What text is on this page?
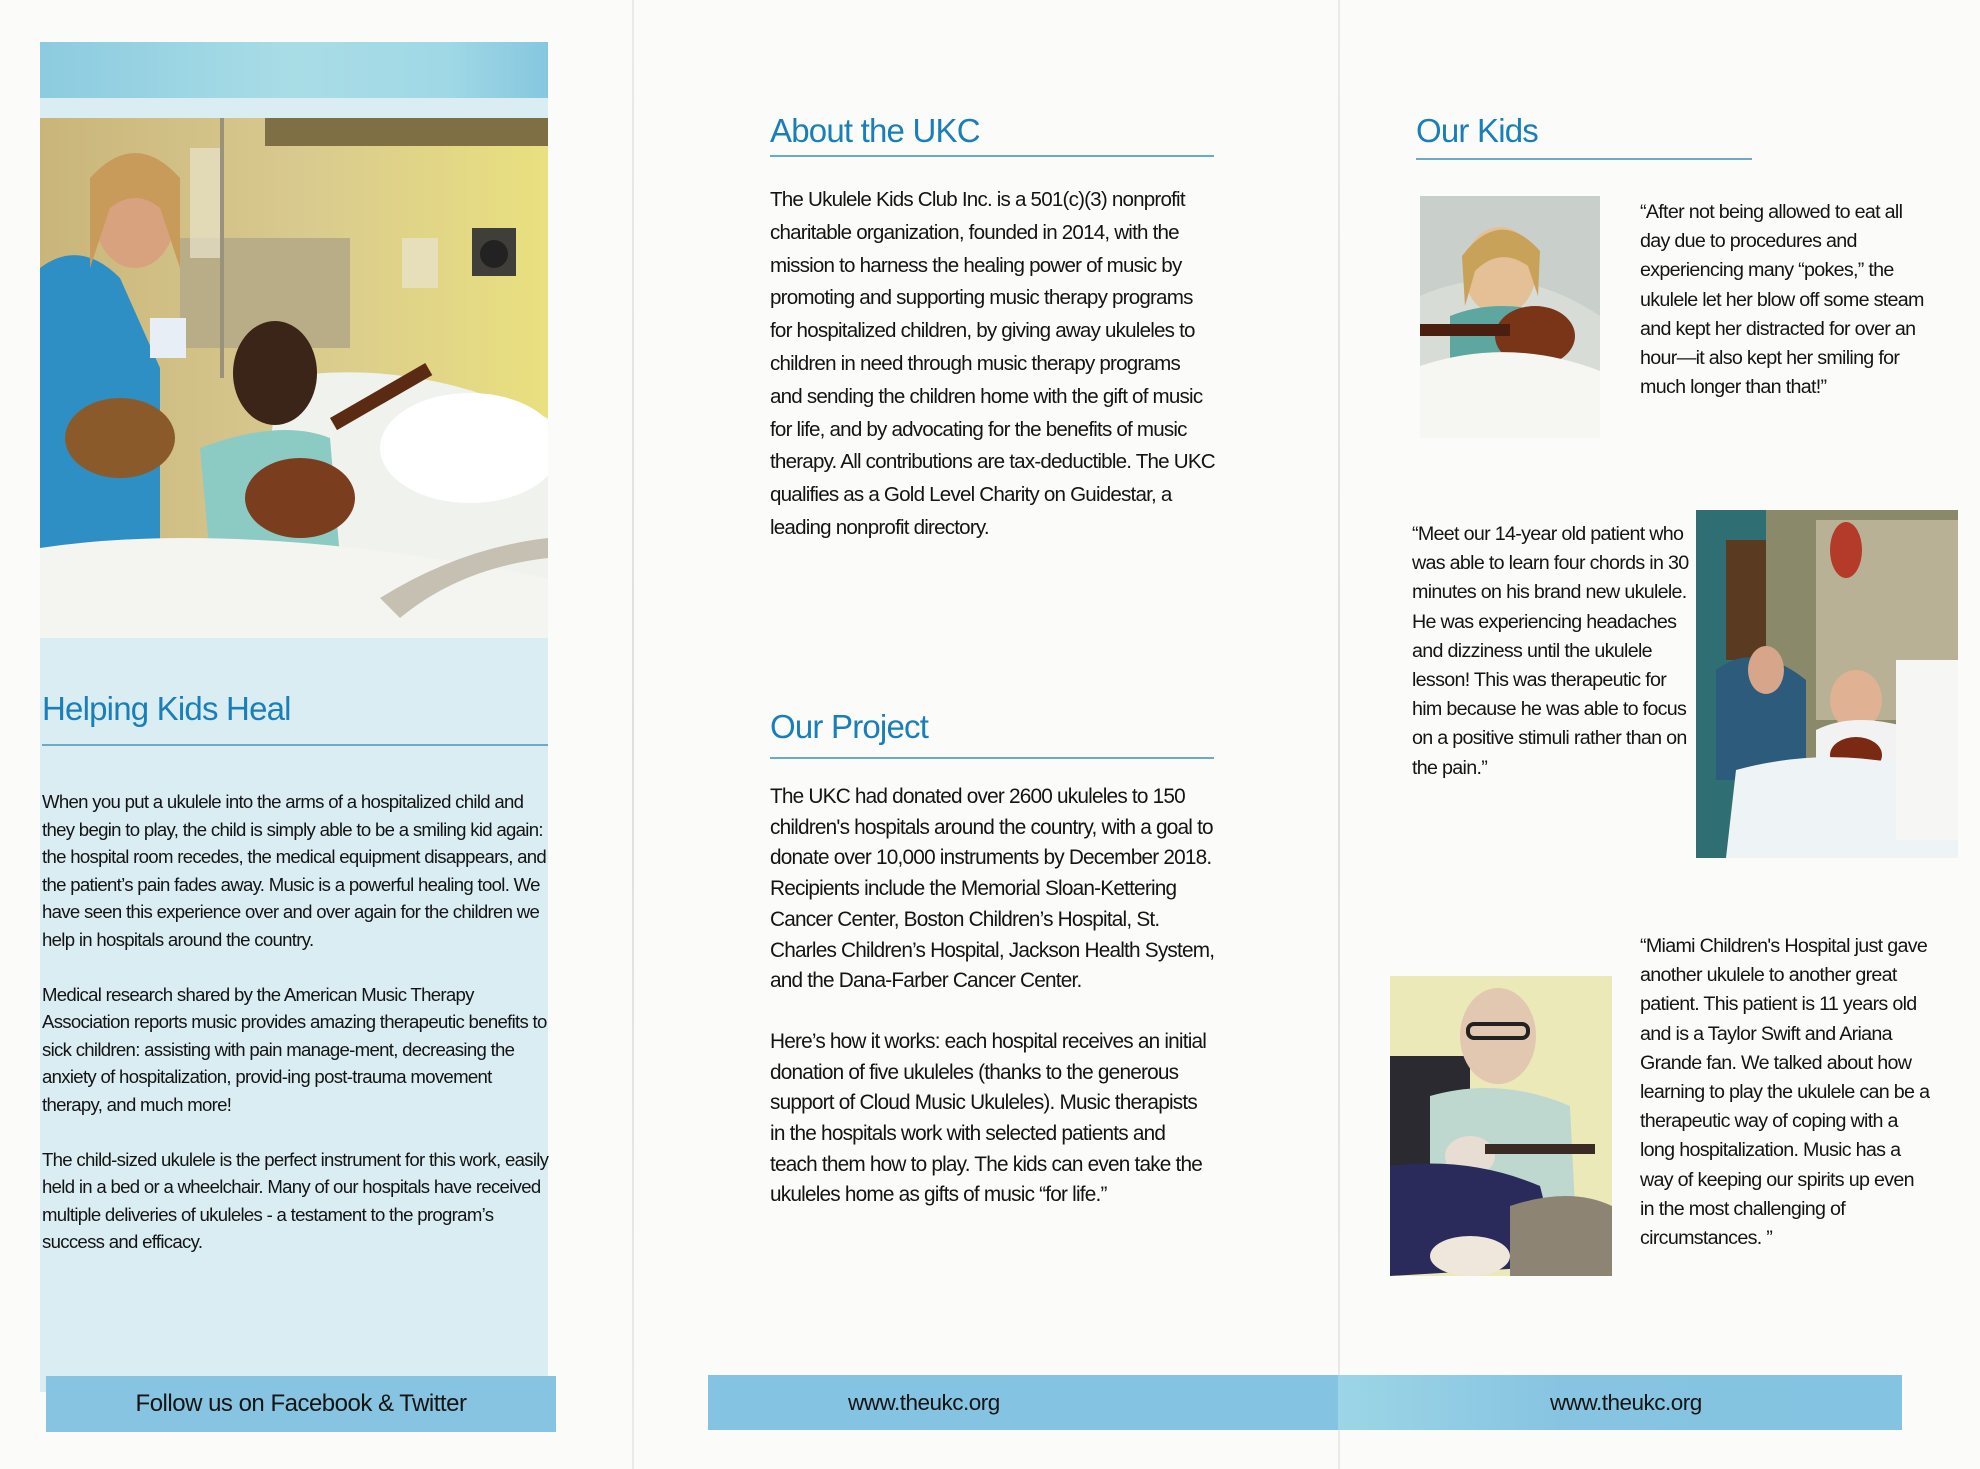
Helping Kids Heal

When you put a ukulele into the arms of a hospitalized child and they begin to play, the child is simply able to be a smiling kid again: the hospital room recedes, the medical equipment disappears, and the patient’s pain fades away. Music is a powerful healing tool. We have seen this experience over and over again for the children we help in hospitals around the country.

Medical research shared by the American Music Therapy Association reports music provides amazing therapeutic benefits to sick children: assisting with pain manage-ment, decreasing the anxiety of hospitalization, provid-ing post-trauma movement therapy, and much more!

The child-sized ukulele is the perfect instrument for this work, easily held in a bed or a wheelchair. Many of our hospitals have received multiple deliveries of ukuleles - a testament to the program’s success and efficacy.

Follow us on Facebook & Twitter
About the UKC

The Ukulele Kids Club Inc. is a 501(c)(3) nonprofit charitable organization, founded in 2014, with the mission to harness the healing power of music by promoting and supporting music therapy programs for hospitalized children, by giving away ukuleles to children in need through music therapy programs and sending the children home with the gift of music for life, and by advocating for the benefits of music therapy. All contributions are tax-deductible. The UKC qualifies as a Gold Level Charity on Guidestar, a leading nonprofit directory.

Our Project

The UKC had donated over 2600 ukuleles to 150 children's hospitals around the country, with a goal to donate over 10,000 instruments by December 2018. Recipients include the Memorial Sloan-Kettering Cancer Center, Boston Children’s Hospital, St. Charles Children’s Hospital, Jackson Health System, and the Dana-Farber Cancer Center.

Here’s how it works: each hospital receives an initial donation of five ukuleles (thanks to the generous support of Cloud Music Ukuleles). Music therapists in the hospitals work with selected patients and teach them how to play. The kids can even take the ukuleles home as gifts of music “for life.”

www.theukc.org
Our Kids
“After not being allowed to eat all day due to procedures and experiencing many “pokes,” the ukulele let her blow off some steam and kept her distracted for over an hour—it also kept her smiling for much longer than that!”
“Meet our 14-year old patient who was able to learn four chords in 30 minutes on his brand new ukulele. He was experiencing headaches and dizziness until the ukulele lesson! This was therapeutic for him because he was able to focus on a positive stimuli rather than on the pain.”
“Miami Children's Hospital just gave another ukulele to another great patient. This patient is 11 years old and is a Taylor Swift and Ariana Grande fan. We talked about how learning to play the ukulele can be a therapeutic way of coping with a long hospitalization. Music has a way of keeping our spirits up even in the most challenging of circumstances. ”
www.theukc.org
